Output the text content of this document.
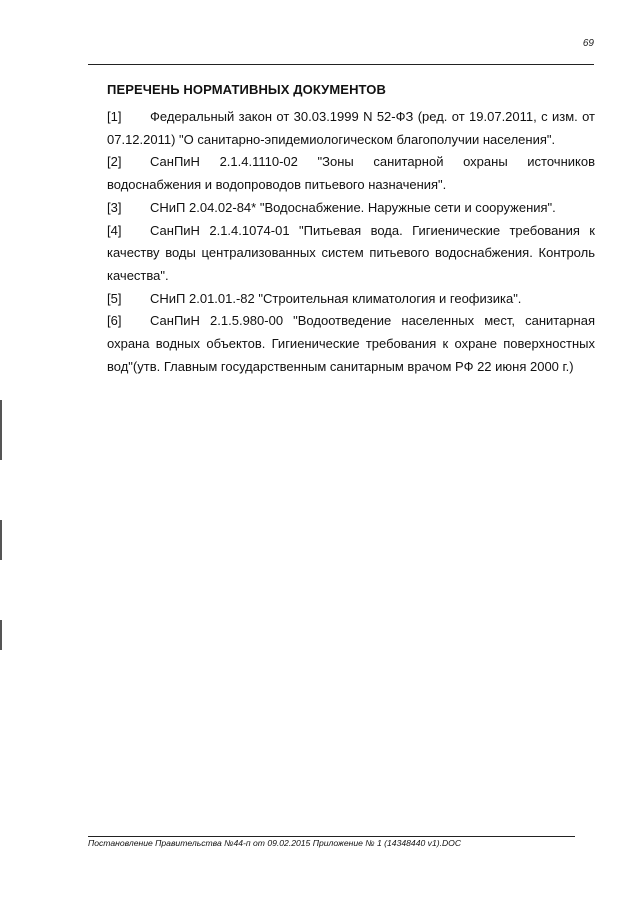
69
ПЕРЕЧЕНЬ НОРМАТИВНЫХ ДОКУМЕНТОВ

[1] Федеральный закон от 30.03.1999 N 52-ФЗ (ред. от 19.07.2011, с изм. от 07.12.2011) "О санитарно-эпидемиологическом благополучии населения".

[2] СанПиН 2.1.4.1110-02 "Зоны санитарной охраны источников водоснабжения и водопроводов питьевого назначения".

[3] СНиП 2.04.02-84* "Водоснабжение. Наружные сети и сооружения".

[4] СанПиН 2.1.4.1074-01 "Питьевая вода. Гигиенические требования к качеству воды централизованных систем питьевого водоснабжения. Контроль качества".

[5] СНиП 2.01.01.-82 "Строительная климатология и геофизика".

[6] СанПиН 2.1.5.980-00 "Водоотведение населенных мест, санитарная охрана водных объектов. Гигиенические требования к охране поверхностных вод"(утв. Главным государственным санитарным врачом РФ 22 июня 2000 г.)

Постановление Правительства №44-п от 09.02.2015 Приложение № 1 (14348440 v1).DOC
